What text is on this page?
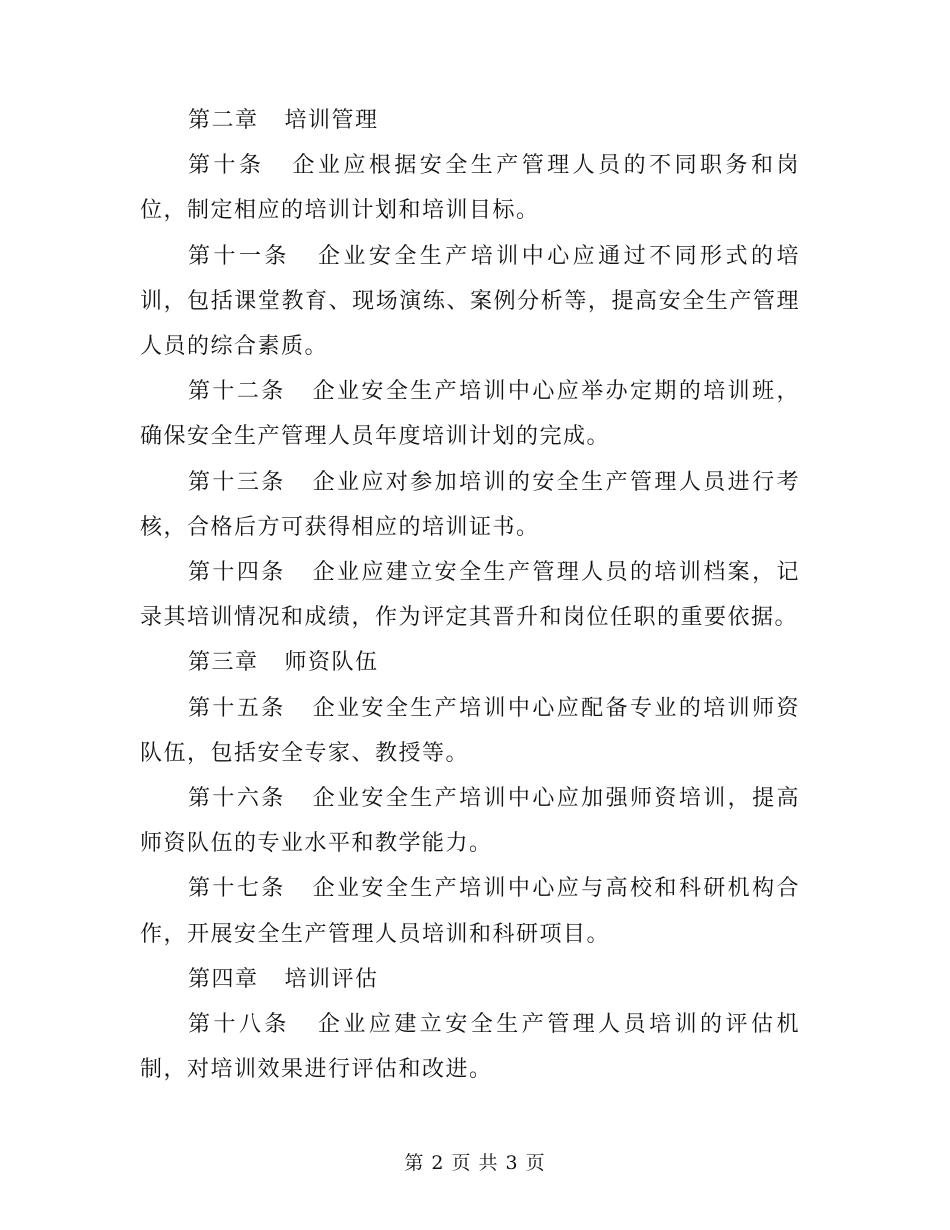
第二章 培训管理

第十条 企业应根据安全生产管理人员的不同职务和岗位，制定相应的培训计划和培训目标。

第十一条 企业安全生产培训中心应通过不同形式的培训，包括课堂教育、现场演练、案例分析等，提高安全生产管理人员的综合素质。

第十二条 企业安全生产培训中心应举办定期的培训班，确保安全生产管理人员年度培训计划的完成。

第十三条 企业应对参加培训的安全生产管理人员进行考核，合格后方可获得相应的培训证书。

第十四条 企业应建立安全生产管理人员的培训档案，记录其培训情况和成绩，作为评定其晋升和岗位任职的重要依据。

第三章 师资队伍

第十五条 企业安全生产培训中心应配备专业的培训师资队伍，包括安全专家、教授等。

第十六条 企业安全生产培训中心应加强师资培训，提高师资队伍的专业水平和教学能力。

第十七条 企业安全生产培训中心应与高校和科研机构合作，开展安全生产管理人员培训和科研项目。

第四章 培训评估

第十八条 企业应建立安全生产管理人员培训的评估机制，对培训效果进行评估和改进。

第 2 页 共 3 页
